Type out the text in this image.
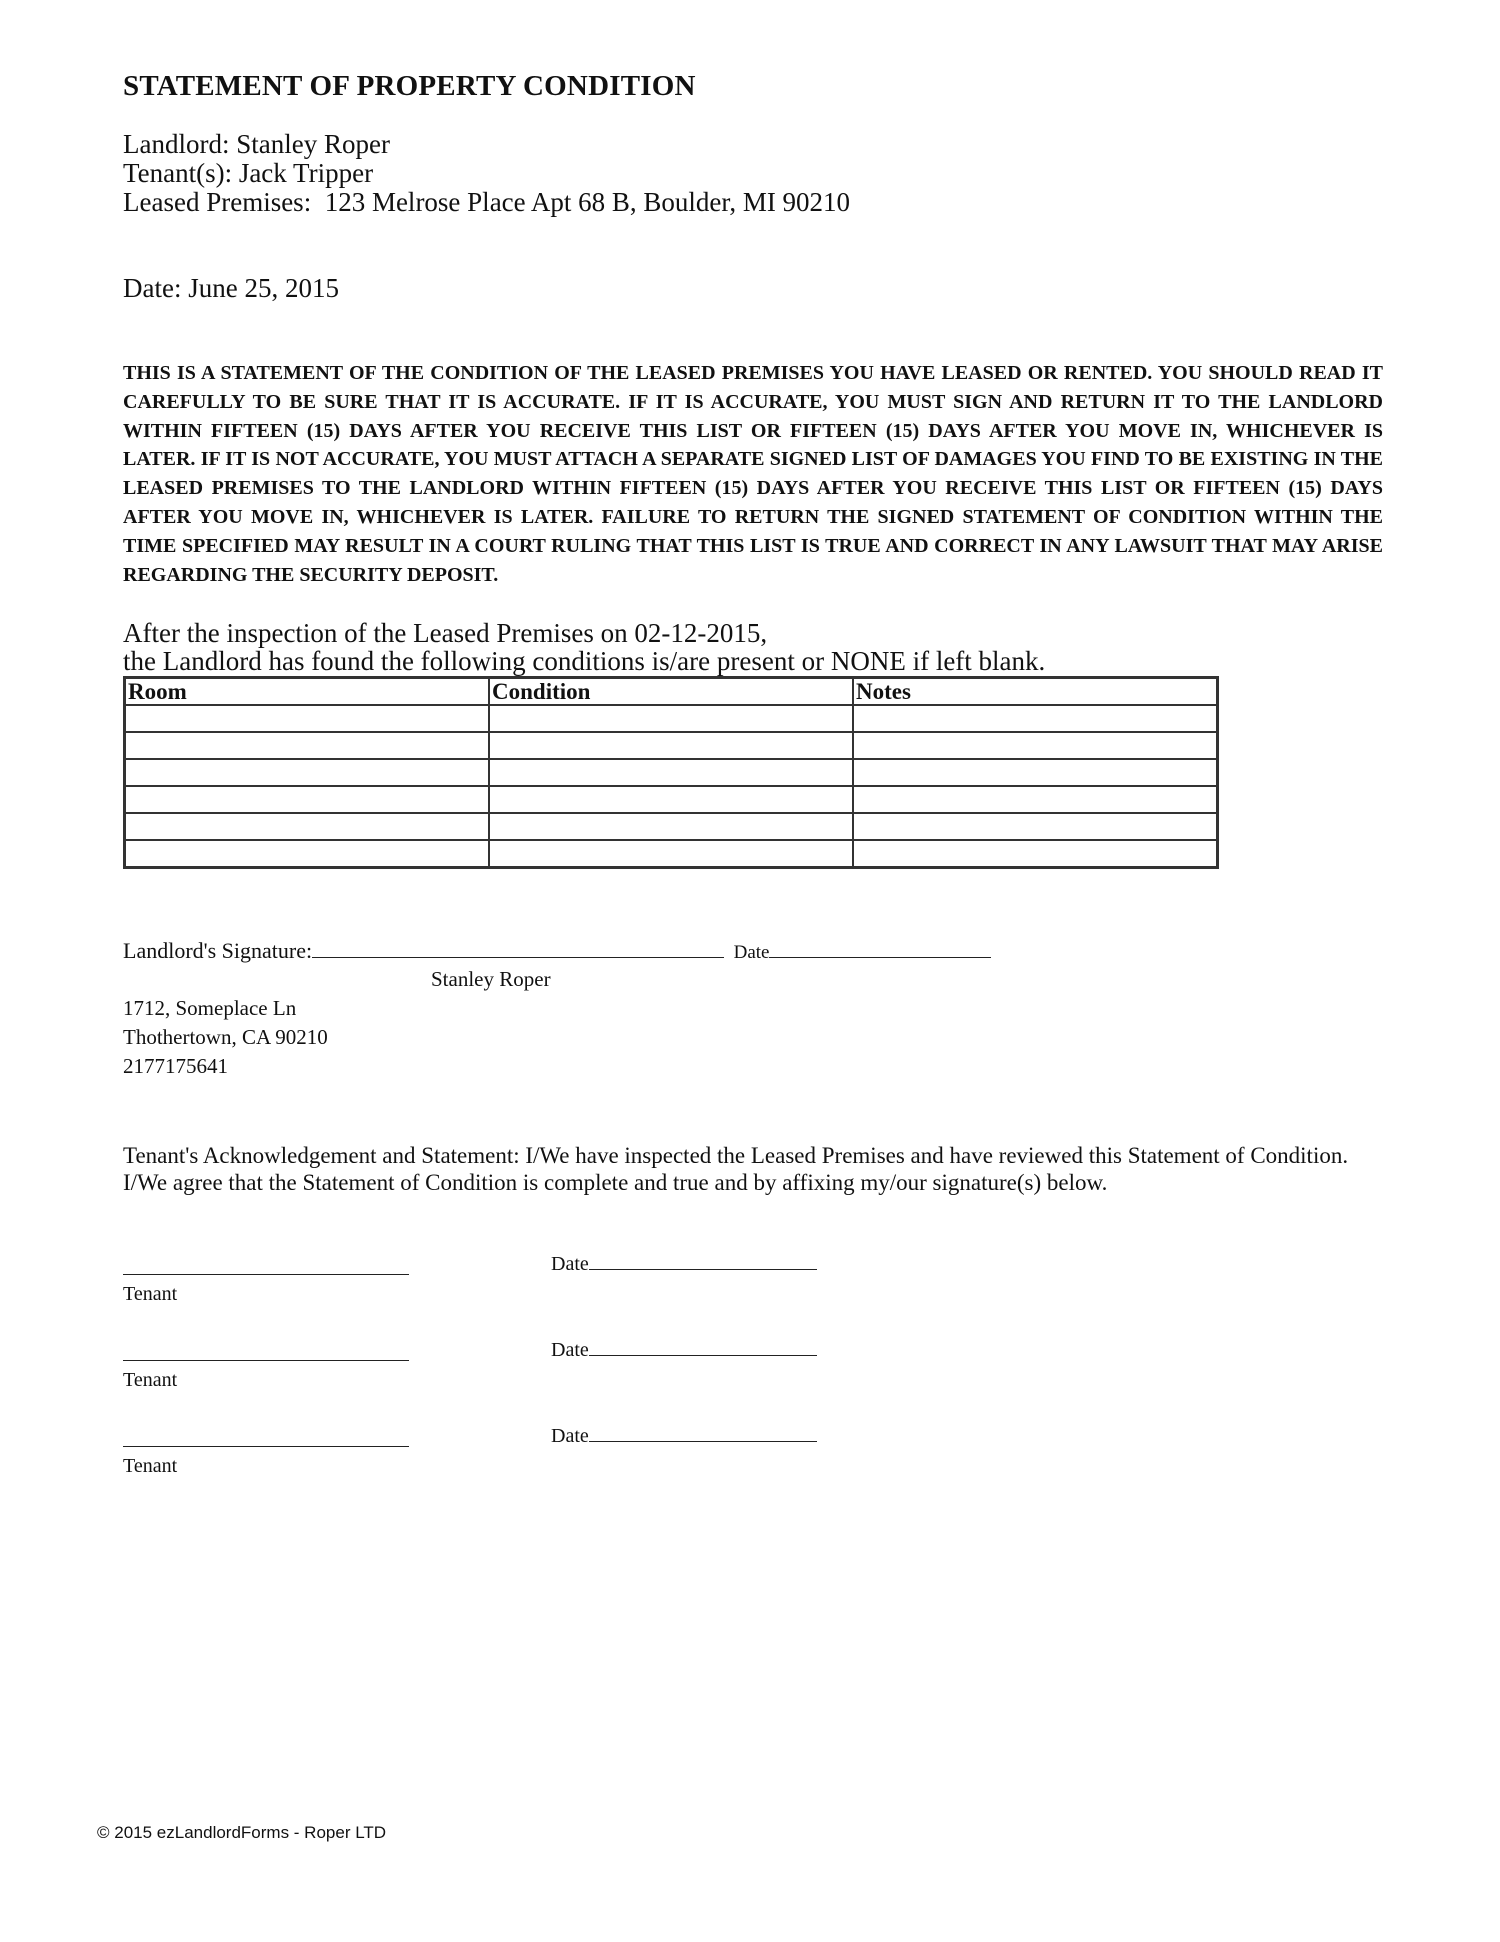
STATEMENT OF PROPERTY CONDITION
Landlord: Stanley Roper
Tenant(s): Jack Tripper
Leased Premises:  123 Melrose Place Apt 68 B, Boulder, MI 90210
Date: June 25, 2015
THIS IS A STATEMENT OF THE CONDITION OF THE LEASED PREMISES YOU HAVE LEASED OR RENTED. YOU SHOULD READ IT CAREFULLY TO BE SURE THAT IT IS ACCURATE. IF IT IS ACCURATE, YOU MUST SIGN AND RETURN IT TO THE LANDLORD WITHIN FIFTEEN (15) DAYS AFTER YOU RECEIVE THIS LIST OR FIFTEEN (15) DAYS AFTER YOU MOVE IN, WHICHEVER IS LATER. IF IT IS NOT ACCURATE, YOU MUST ATTACH A SEPARATE SIGNED LIST OF DAMAGES YOU FIND TO BE EXISTING IN THE LEASED PREMISES TO THE LANDLORD WITHIN FIFTEEN (15) DAYS AFTER YOU RECEIVE THIS LIST OR FIFTEEN (15) DAYS AFTER YOU MOVE IN, WHICHEVER IS LATER. FAILURE TO RETURN THE SIGNED STATEMENT OF CONDITION WITHIN THE TIME SPECIFIED MAY RESULT IN A COURT RULING THAT THIS LIST IS TRUE AND CORRECT IN ANY LAWSUIT THAT MAY ARISE REGARDING THE SECURITY DEPOSIT.
After the inspection of the Leased Premises on 02-12-2015,
the Landlord has found the following conditions is/are present or NONE if left blank.
Room	Condition	Notes

Landlord's Signature:	Date
Stanley Roper
1712, Someplace Ln
Thothertown, CA 90210
2177175641
Tenant's Acknowledgement and Statement: I/We have inspected the Leased Premises and have reviewed this Statement of Condition. I/We agree that the Statement of Condition is complete and true and by affixing my/our signature(s) below.
Tenant
Date
Tenant
Date
Tenant
Date
© 2015 ezLandlordForms - Roper LTD
